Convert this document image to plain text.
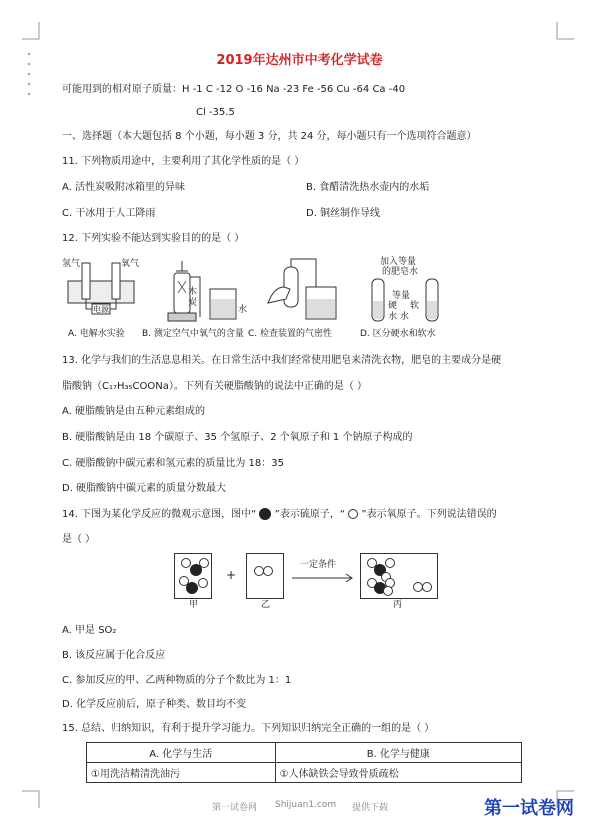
2019年达州市中考化学试卷
可能用到的相对原子质量：H -1 C -12 O -16 Na -23 Fe -56 Cu -64 Ca -40
Cl -35.5
一、选择题（本大题包括 8 个小题，每小题 3 分，共 24 分，每小题只有一个选项符合题意）
11. 下列物质用途中，主要利用了其化学性质的是（ ）
A. 活性炭吸附冰箱里的异味	B. 食醋清洗热水壶内的水垢
C. 干冰用于人工降雨	D. 铜丝制作导线
12. 下列实验不能达到实验目的的是（ ）
氢气	氧气
电源
A. 电解水实验
木
炭
水
B. 测定空气中氧气的含量 C. 检查装置的气密性
加入等量
的肥皂水
等量
硬 软
水 水
D. 区分硬水和软水
13. 化学与我们的生活息息相关。在日常生活中我们经常使用肥皂来清洗衣物，肥皂的主要成分是硬
脂酸钠（C₁₇H₃₅COONa）。下列有关硬脂酸钠的说法中正确的是（ ）
A. 硬脂酸钠是由五种元素组成的
B. 硬脂酸钠是由 18 个碳原子、35 个氢原子、2 个氧原子和 1 个钠原子构成的
C. 硬脂酸钠中碳元素和氢元素的质量比为 18：35
D. 硬脂酸钠中碳元素的质量分数最大
14. 下图为某化学反应的微观示意图，图中“ ”表示硫原子，“ ”表示氧原子。下列说法错误的
是（ ）
甲
+
乙
一定条件
丙
A. 甲是 SO₂
B. 该反应属于化合反应
C. 参加反应的甲、乙两种物质的分子个数比为 1：1
D. 化学反应前后，原子种类、数目均不变
15. 总结、归纳知识，有利于提升学习能力。下列知识归纳完全正确的一组的是（ ）
A. 化学与生活	B. 化学与健康
①用洗洁精清洗油污	①人体缺铁会导致骨质疏松
第一试卷网 Shijuan1.com 提供下载	第一试卷网
